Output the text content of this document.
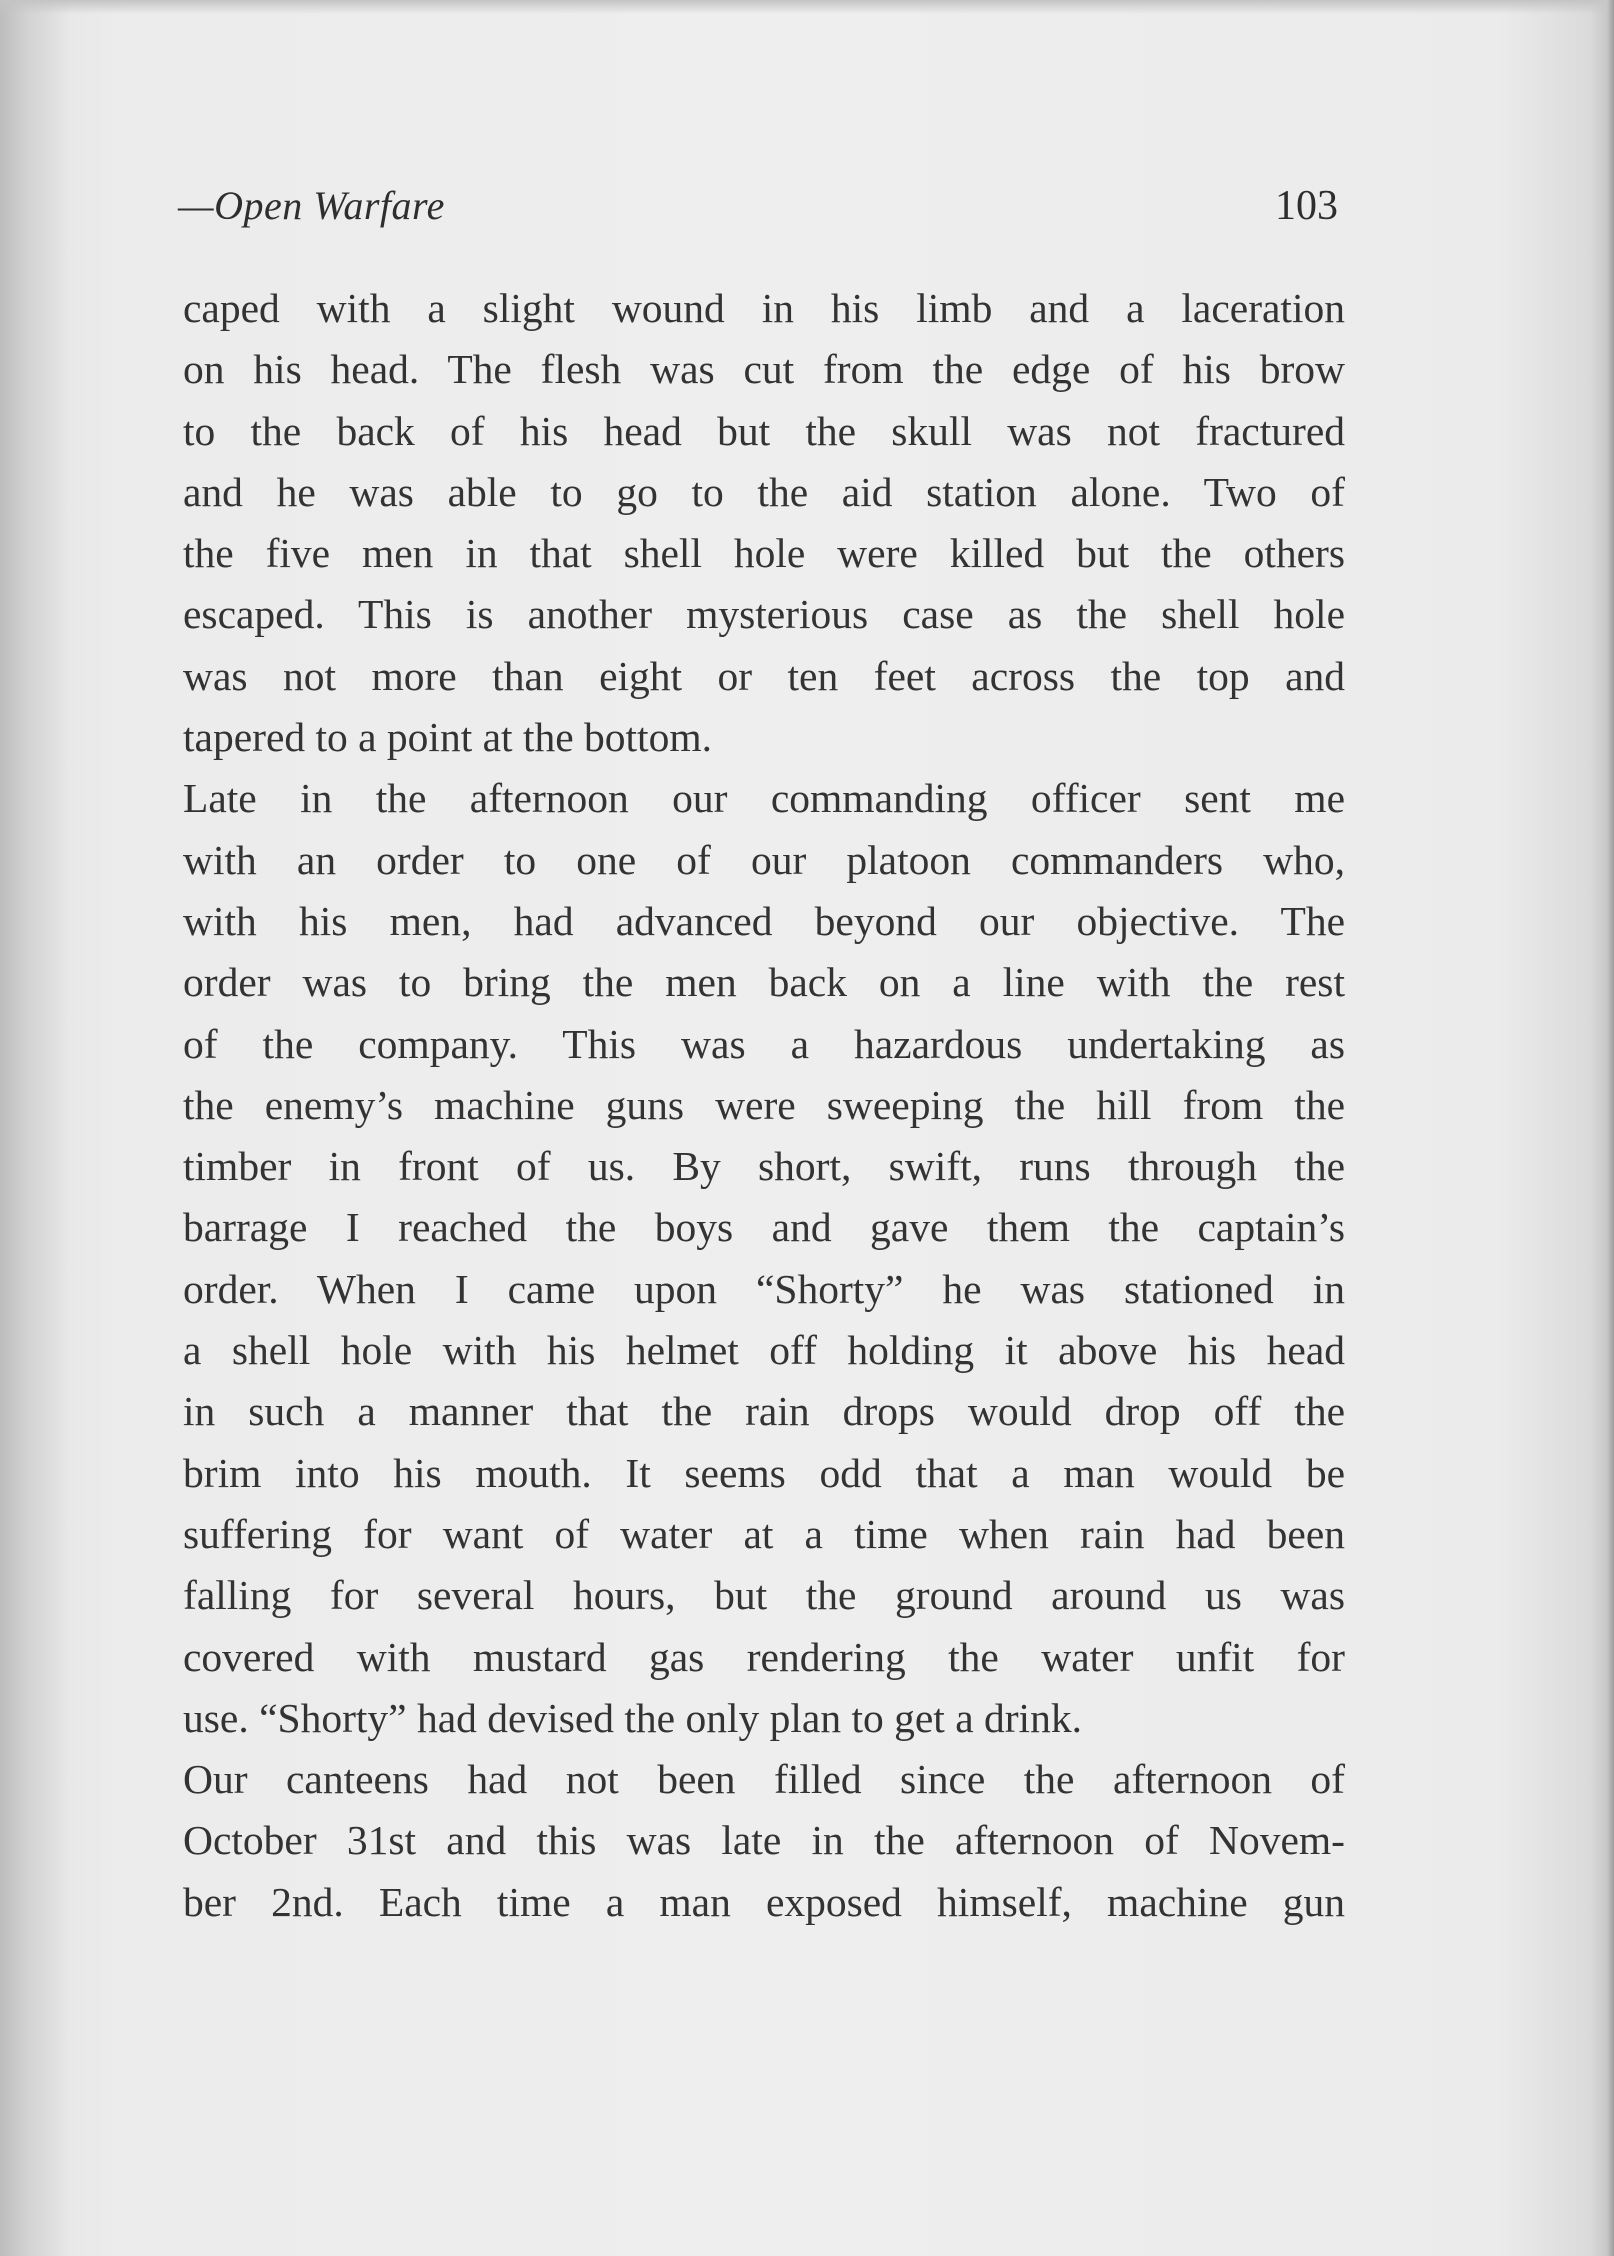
—Open Warfare	103
caped with a slight wound in his limb and a laceration
on his head. The flesh was cut from the edge of his brow
to the back of his head but the skull was not fractured
and he was able to go to the aid station alone. Two of
the five men in that shell hole were killed but the others
escaped. This is another mysterious case as the shell hole
was not more than eight or ten feet across the top and
tapered to a point at the bottom.
Late in the afternoon our commanding officer sent me
with an order to one of our platoon commanders who,
with his men, had advanced beyond our objective. The
order was to bring the men back on a line with the rest
of the company. This was a hazardous undertaking as
the enemy’s machine guns were sweeping the hill from the
timber in front of us. By short, swift, runs through the
barrage I reached the boys and gave them the captain’s
order. When I came upon “Shorty” he was stationed in
a shell hole with his helmet off holding it above his head
in such a manner that the rain drops would drop off the
brim into his mouth. It seems odd that a man would be
suffering for want of water at a time when rain had been
falling for several hours, but the ground around us was
covered with mustard gas rendering the water unfit for
use. “Shorty” had devised the only plan to get a drink.
Our canteens had not been filled since the afternoon of
October 31st and this was late in the afternoon of Novem-
ber 2nd. Each time a man exposed himself, machine gun
